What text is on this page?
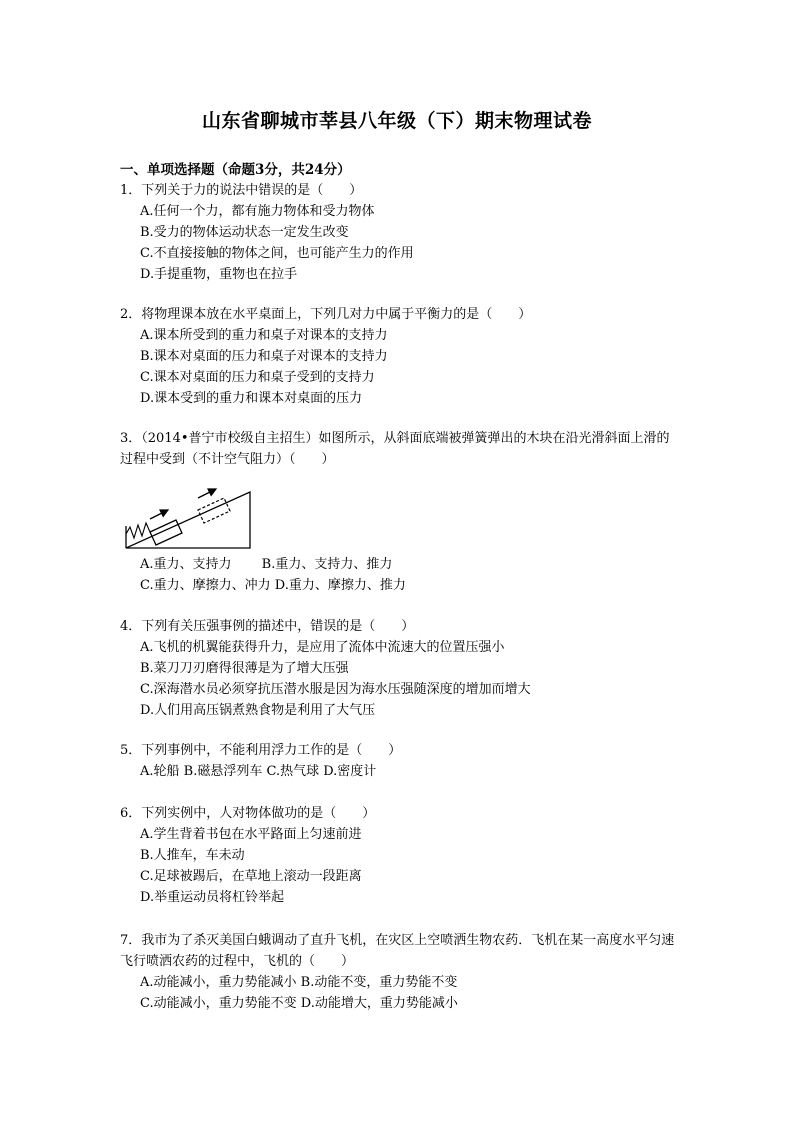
山东省聊城市莘县八年级（下）期末物理试卷
一、单项选择题（命题3分，共24分）
1．下列关于力的说法中错误的是（　　）
A.任何一个力，都有施力物体和受力物体
B.受力的物体运动状态一定发生改变
C.不直接接触的物体之间，也可能产生力的作用
D.手提重物，重物也在拉手
2．将物理课本放在水平桌面上，下列几对力中属于平衡力的是（　　）
A.课本所受到的重力和桌子对课本的支持力
B.课本对桌面的压力和桌子对课本的支持力
C.课本对桌面的压力和桌子受到的支持力
D.课本受到的重力和课本对桌面的压力
3．（2014•普宁市校级自主招生）如图所示，从斜面底端被弹簧弹出的木块在沿光滑斜面上滑的过程中受到（不计空气阻力）（　　）
A.重力、支持力　　 B.重力、支持力、推力
C.重力、摩擦力、冲力 D.重力、摩擦力、推力
4．下列有关压强事例的描述中，错误的是（　　）
A.飞机的机翼能获得升力，是应用了流体中流速大的位置压强小
B.菜刀刀刃磨得很薄是为了增大压强
C.深海潜水员必须穿抗压潜水服是因为海水压强随深度的增加而增大
D.人们用高压锅煮熟食物是利用了大气压
5．下列事例中，不能利用浮力工作的是（　　）
A.轮船 B.磁悬浮列车 C.热气球 D.密度计
6．下列实例中，人对物体做功的是（　　）
A.学生背着书包在水平路面上匀速前进
B.人推车，车未动
C.足球被踢后，在草地上滚动一段距离
D.举重运动员将杠铃举起
7．我市为了杀灭美国白蛾调动了直升飞机，在灾区上空喷洒生物农药．飞机在某一高度水平匀速飞行喷洒农药的过程中，飞机的（　　）
A.动能减小，重力势能减小 B.动能不变，重力势能不变
C.动能减小，重力势能不变 D.动能增大，重力势能减小
